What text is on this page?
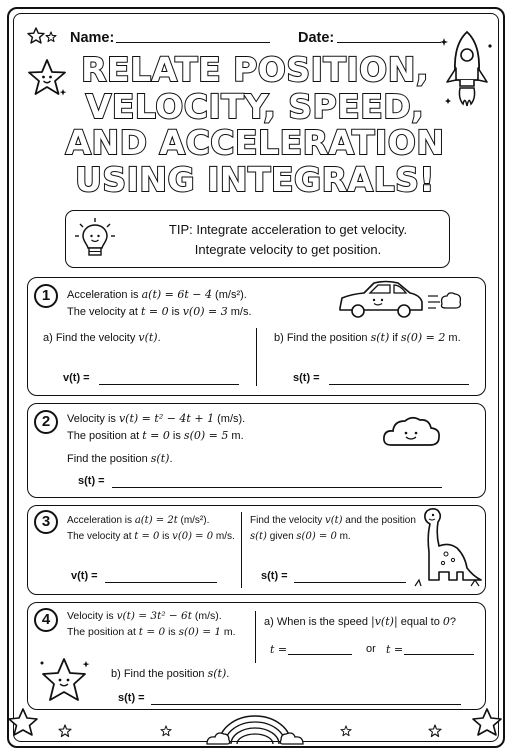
Name:	Date:
RELATE POSITION,
VELOCITY, SPEED,
AND ACCELERATION
USING INTEGRALS!
TIP: Integrate acceleration to get velocity.
Integrate velocity to get position.
1	Acceleration is a(t) = 6t − 4 (m/s²).
The velocity at t = 0 is v(0) = 3 m/s.
a) Find the velocity v(t).	b) Find the position s(t) if s(0) = 2 m.
v(t) =	s(t) =
2	Velocity is v(t) = t² − 4t + 1 (m/s).
The position at t = 0 is s(0) = 5 m.
Find the position s(t).
s(t) =
3	Acceleration is a(t) = 2t (m/s²).
The velocity at t = 0 is v(0) = 0 m/s.
Find the velocity v(t) and the position
s(t) given s(0) = 0 m.
v(t) =	s(t) =
4	Velocity is v(t) = 3t² − 6t (m/s).
The position at t = 0 is s(0) = 1 m.
a) When is the speed |v(t)| equal to 0?
t =	or t =
b) Find the position s(t).
s(t) =
